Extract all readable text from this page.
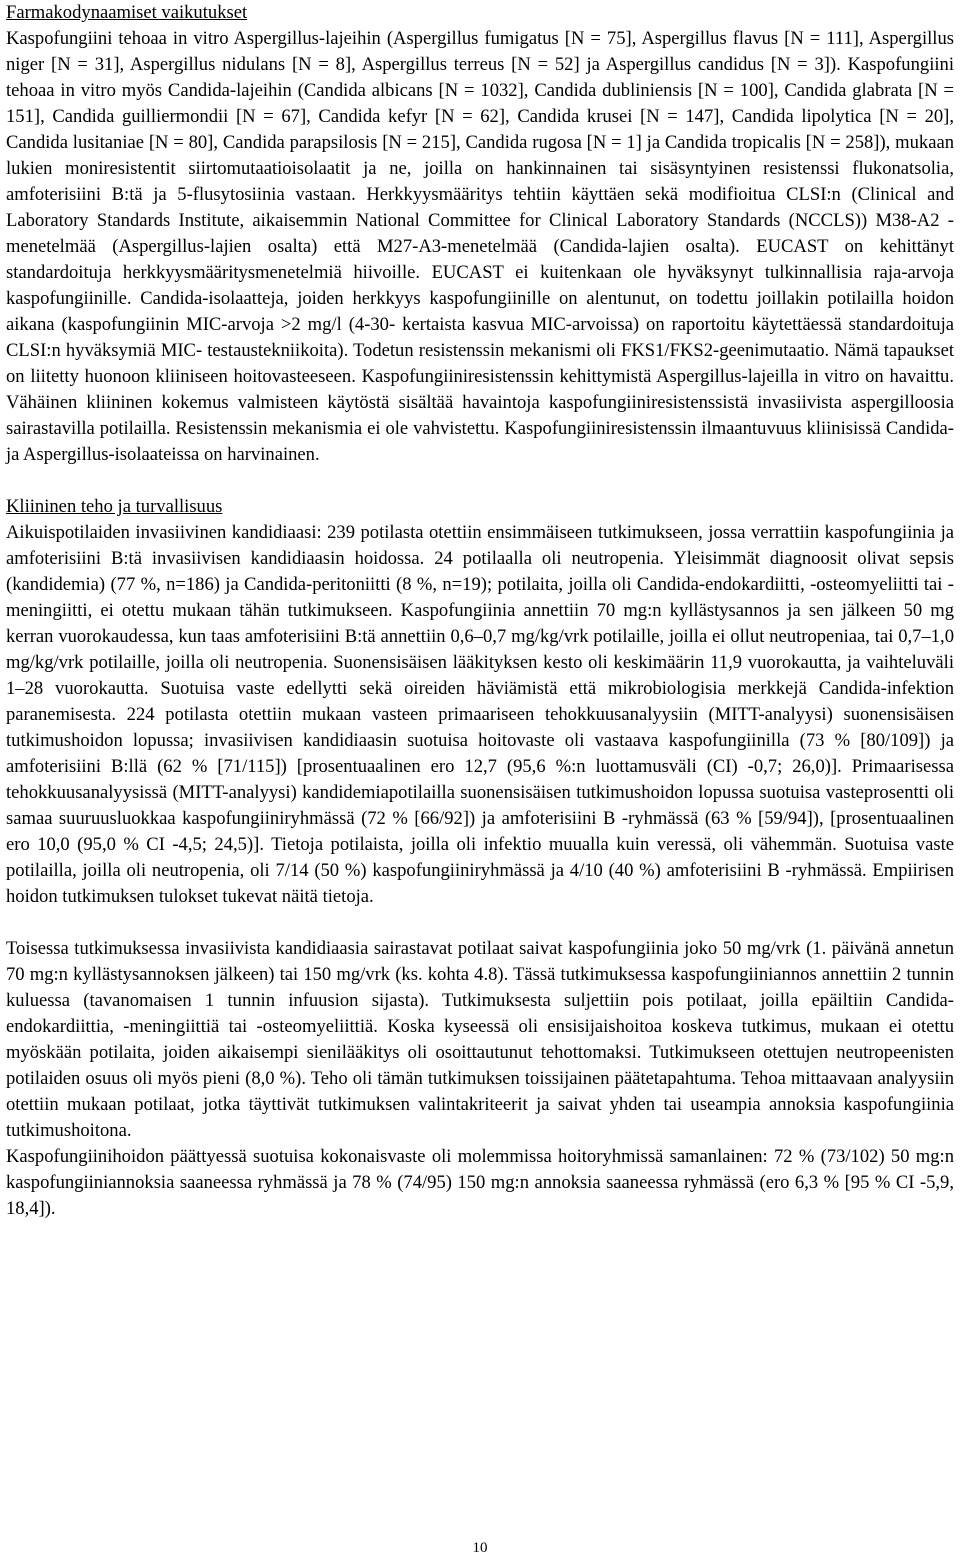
Farmakodynaamiset vaikutukset

Kaspofungiini tehoaa in vitro Aspergillus-lajeihin (Aspergillus fumigatus [N = 75], Aspergillus flavus [N = 111], Aspergillus niger [N = 31], Aspergillus nidulans [N = 8], Aspergillus terreus [N = 52] ja Aspergillus candidus [N = 3]). Kaspofungiini tehoaa in vitro myös Candida-lajeihin (Candida albicans [N = 1032], Candida dubliniensis [N = 100], Candida glabrata [N = 151], Candida guilliermondii [N = 67], Candida kefyr [N = 62], Candida krusei [N = 147], Candida lipolytica [N = 20], Candida lusitaniae [N = 80], Candida parapsilosis [N = 215], Candida rugosa [N = 1] ja Candida tropicalis [N = 258]), mukaan lukien moniresistentit siirtomutaatioisolaatit ja ne, joilla on hankinnainen tai sisäsyntyinen resistenssi flukonatsolia, amfoterisiini B:tä ja 5-flusytosiinia vastaan. Herkkyysmääritys tehtiin käyttäen sekä modifioitua CLSI:n (Clinical and Laboratory Standards Institute, aikaisemmin National Committee for Clinical Laboratory Standards (NCCLS)) M38-A2 -menetelmää (Aspergillus-lajien osalta) että M27-A3-menetelmää (Candida-lajien osalta). EUCAST on kehittänyt standardoituja herkkyysmääritysmenetelmiä hiivoille. EUCAST ei kuitenkaan ole hyväksynyt tulkinnallisia raja-arvoja kaspofungiinille. Candida-isolaatteja, joiden herkkyys kaspofungiinille on alentunut, on todettu joillakin potilailla hoidon aikana (kaspofungiinin MIC-arvoja >2 mg/l (4-30- kertaista kasvua MIC-arvoissa) on raportoitu käytettäessä standardoituja CLSI:n hyväksymiä MIC- testaustekniikoita). Todetun resistenssin mekanismi oli FKS1/FKS2-geenimutaatio. Nämä tapaukset on liitetty huonoon kliiniseen hoitovasteeseen. Kaspofungiiniresistenssin kehittymistä Aspergillus-lajeilla in vitro on havaittu. Vähäinen kliininen kokemus valmisteen käytöstä sisältää havaintoja kaspofungiiniresistenssistä invasiivista aspergilloosia sairastavilla potilailla. Resistenssin mekanismia ei ole vahvistettu. Kaspofungiiniresistenssin ilmaantuvuus kliinisissä Candida- ja Aspergillus-isolaateissa on harvinainen.

Kliininen teho ja turvallisuus

Aikuispotilaiden invasiivinen kandidiaasi: 239 potilasta otettiin ensimmäiseen tutkimukseen, jossa verrattiin kaspofungiinia ja amfoterisiini B:tä invasiivisen kandidiaasin hoidossa. 24 potilaalla oli neutropenia. Yleisimmät diagnoosit olivat sepsis (kandidemia) (77 %, n=186) ja Candida-peritoniitti (8 %, n=19); potilaita, joilla oli Candida-endokardiitti, -osteomyeliitti tai -meningiitti, ei otettu mukaan tähän tutkimukseen. Kaspofungiinia annettiin 70 mg:n kyllästysannos ja sen jälkeen 50 mg kerran vuorokaudessa, kun taas amfoterisiini B:tä annettiin 0,6–0,7 mg/kg/vrk potilaille, joilla ei ollut neutropeniaa, tai 0,7–1,0 mg/kg/vrk potilaille, joilla oli neutropenia. Suonensisäisen lääkityksen kesto oli keskimäärin 11,9 vuorokautta, ja vaihteluväli 1–28 vuorokautta. Suotuisa vaste edellytti sekä oireiden häviämistä että mikrobiologisia merkkejä Candida-infektion paranemisesta. 224 potilasta otettiin mukaan vasteen primaariseen tehokkuusanalyysiin (MITT-analyysi) suonensisäisen tutkimushoidon lopussa; invasiivisen kandidiaasin suotuisa hoitovaste oli vastaava kaspofungiinilla (73 % [80/109]) ja amfoterisiini B:llä (62 % [71/115]) [prosentuaalinen ero 12,7 (95,6 %:n luottamusväli (CI) -0,7; 26,0)]. Primaarisessa tehokkuusanalyysissä (MITT-analyysi) kandidemiapotilailla suonensisäisen tutkimushoidon lopussa suotuisa vasteprosentti oli samaa suuruusluokkaa kaspofungiiniryhmässä (72 % [66/92]) ja amfoterisiini B -ryhmässä (63 % [59/94]), [prosentuaalinen ero 10,0 (95,0 % CI -4,5; 24,5)]. Tietoja potilaista, joilla oli infektio muualla kuin veressä, oli vähemmän. Suotuisa vaste potilailla, joilla oli neutropenia, oli 7/14 (50 %) kaspofungiiniryhmässä ja 4/10 (40 %) amfoterisiini B -ryhmässä. Empiirisen hoidon tutkimuksen tulokset tukevat näitä tietoja.

Toisessa tutkimuksessa invasiivista kandidiaasia sairastavat potilaat saivat kaspofungiinia joko 50 mg/vrk (1. päivänä annetun 70 mg:n kyllästysannoksen jälkeen) tai 150 mg/vrk (ks. kohta 4.8). Tässä tutkimuksessa kaspofungiiniannos annettiin 2 tunnin kuluessa (tavanomaisen 1 tunnin infuusion sijasta). Tutkimuksesta suljettiin pois potilaat, joilla epäiltiin Candida-endokardiittia, -meningiittiä tai -osteomyeliittiä. Koska kyseessä oli ensisijaishoitoa koskeva tutkimus, mukaan ei otettu myöskään potilaita, joiden aikaisempi sienilääkitys oli osoittautunut tehottomaksi. Tutkimukseen otettujen neutropeenisten potilaiden osuus oli myös pieni (8,0 %). Teho oli tämän tutkimuksen toissijainen päätetapahtuma. Tehoa mittaavaan analyysiin otettiin mukaan potilaat, jotka täyttivät tutkimuksen valintakriteerit ja saivat yhden tai useampia annoksia kaspofungiinia tutkimushoitona.

Kaspofungiinihoidon päättyessä suotuisa kokonaisvaste oli molemmissa hoitoryhmissä samanlainen: 72 % (73/102) 50 mg:n kaspofungiiniannoksia saaneessa ryhmässä ja 78 % (74/95) 150 mg:n annoksia saaneessa ryhmässä (ero 6,3 % [95 % CI -5,9, 18,4]).

10
